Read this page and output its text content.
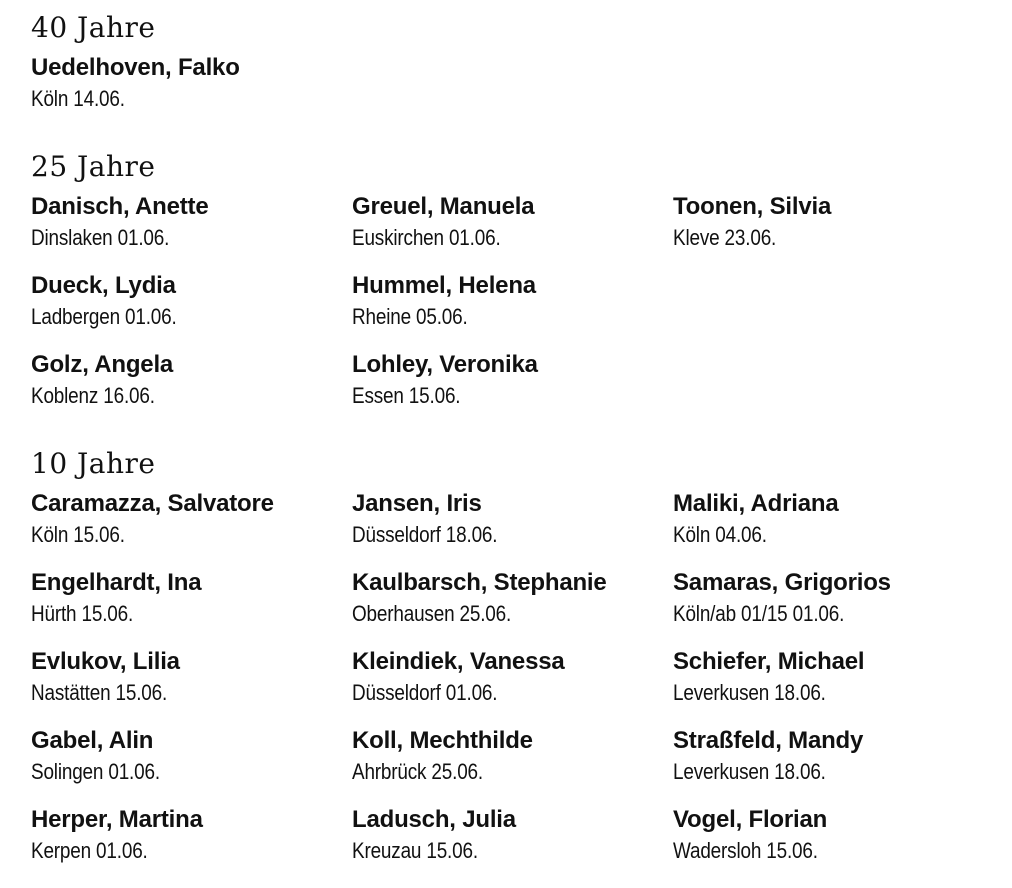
40 Jahre
Uedelhoven, Falko
Köln 14.06.
25 Jahre
Danisch, Anette
Dinslaken 01.06.
Greuel, Manuela
Euskirchen 01.06.
Toonen, Silvia
Kleve 23.06.
Dueck, Lydia
Ladbergen 01.06.
Hummel, Helena
Rheine 05.06.
Golz, Angela
Koblenz 16.06.
Lohley, Veronika
Essen 15.06.
10 Jahre
Caramazza, Salvatore
Köln 15.06.
Jansen, Iris
Düsseldorf 18.06.
Maliki, Adriana
Köln 04.06.
Engelhardt, Ina
Hürth 15.06.
Kaulbarsch, Stephanie
Oberhausen 25.06.
Samaras, Grigorios
Köln/ab 01/15 01.06.
Evlukov, Lilia
Nastätten 15.06.
Kleindiek, Vanessa
Düsseldorf 01.06.
Schiefer, Michael
Leverkusen 18.06.
Gabel, Alin
Solingen 01.06.
Koll, Mechthilde
Ahrbrück 25.06.
Straßfeld, Mandy
Leverkusen 18.06.
Herper, Martina
Kerpen 01.06.
Ladusch, Julia
Kreuzau 15.06.
Vogel, Florian
Wadersloh 15.06.
